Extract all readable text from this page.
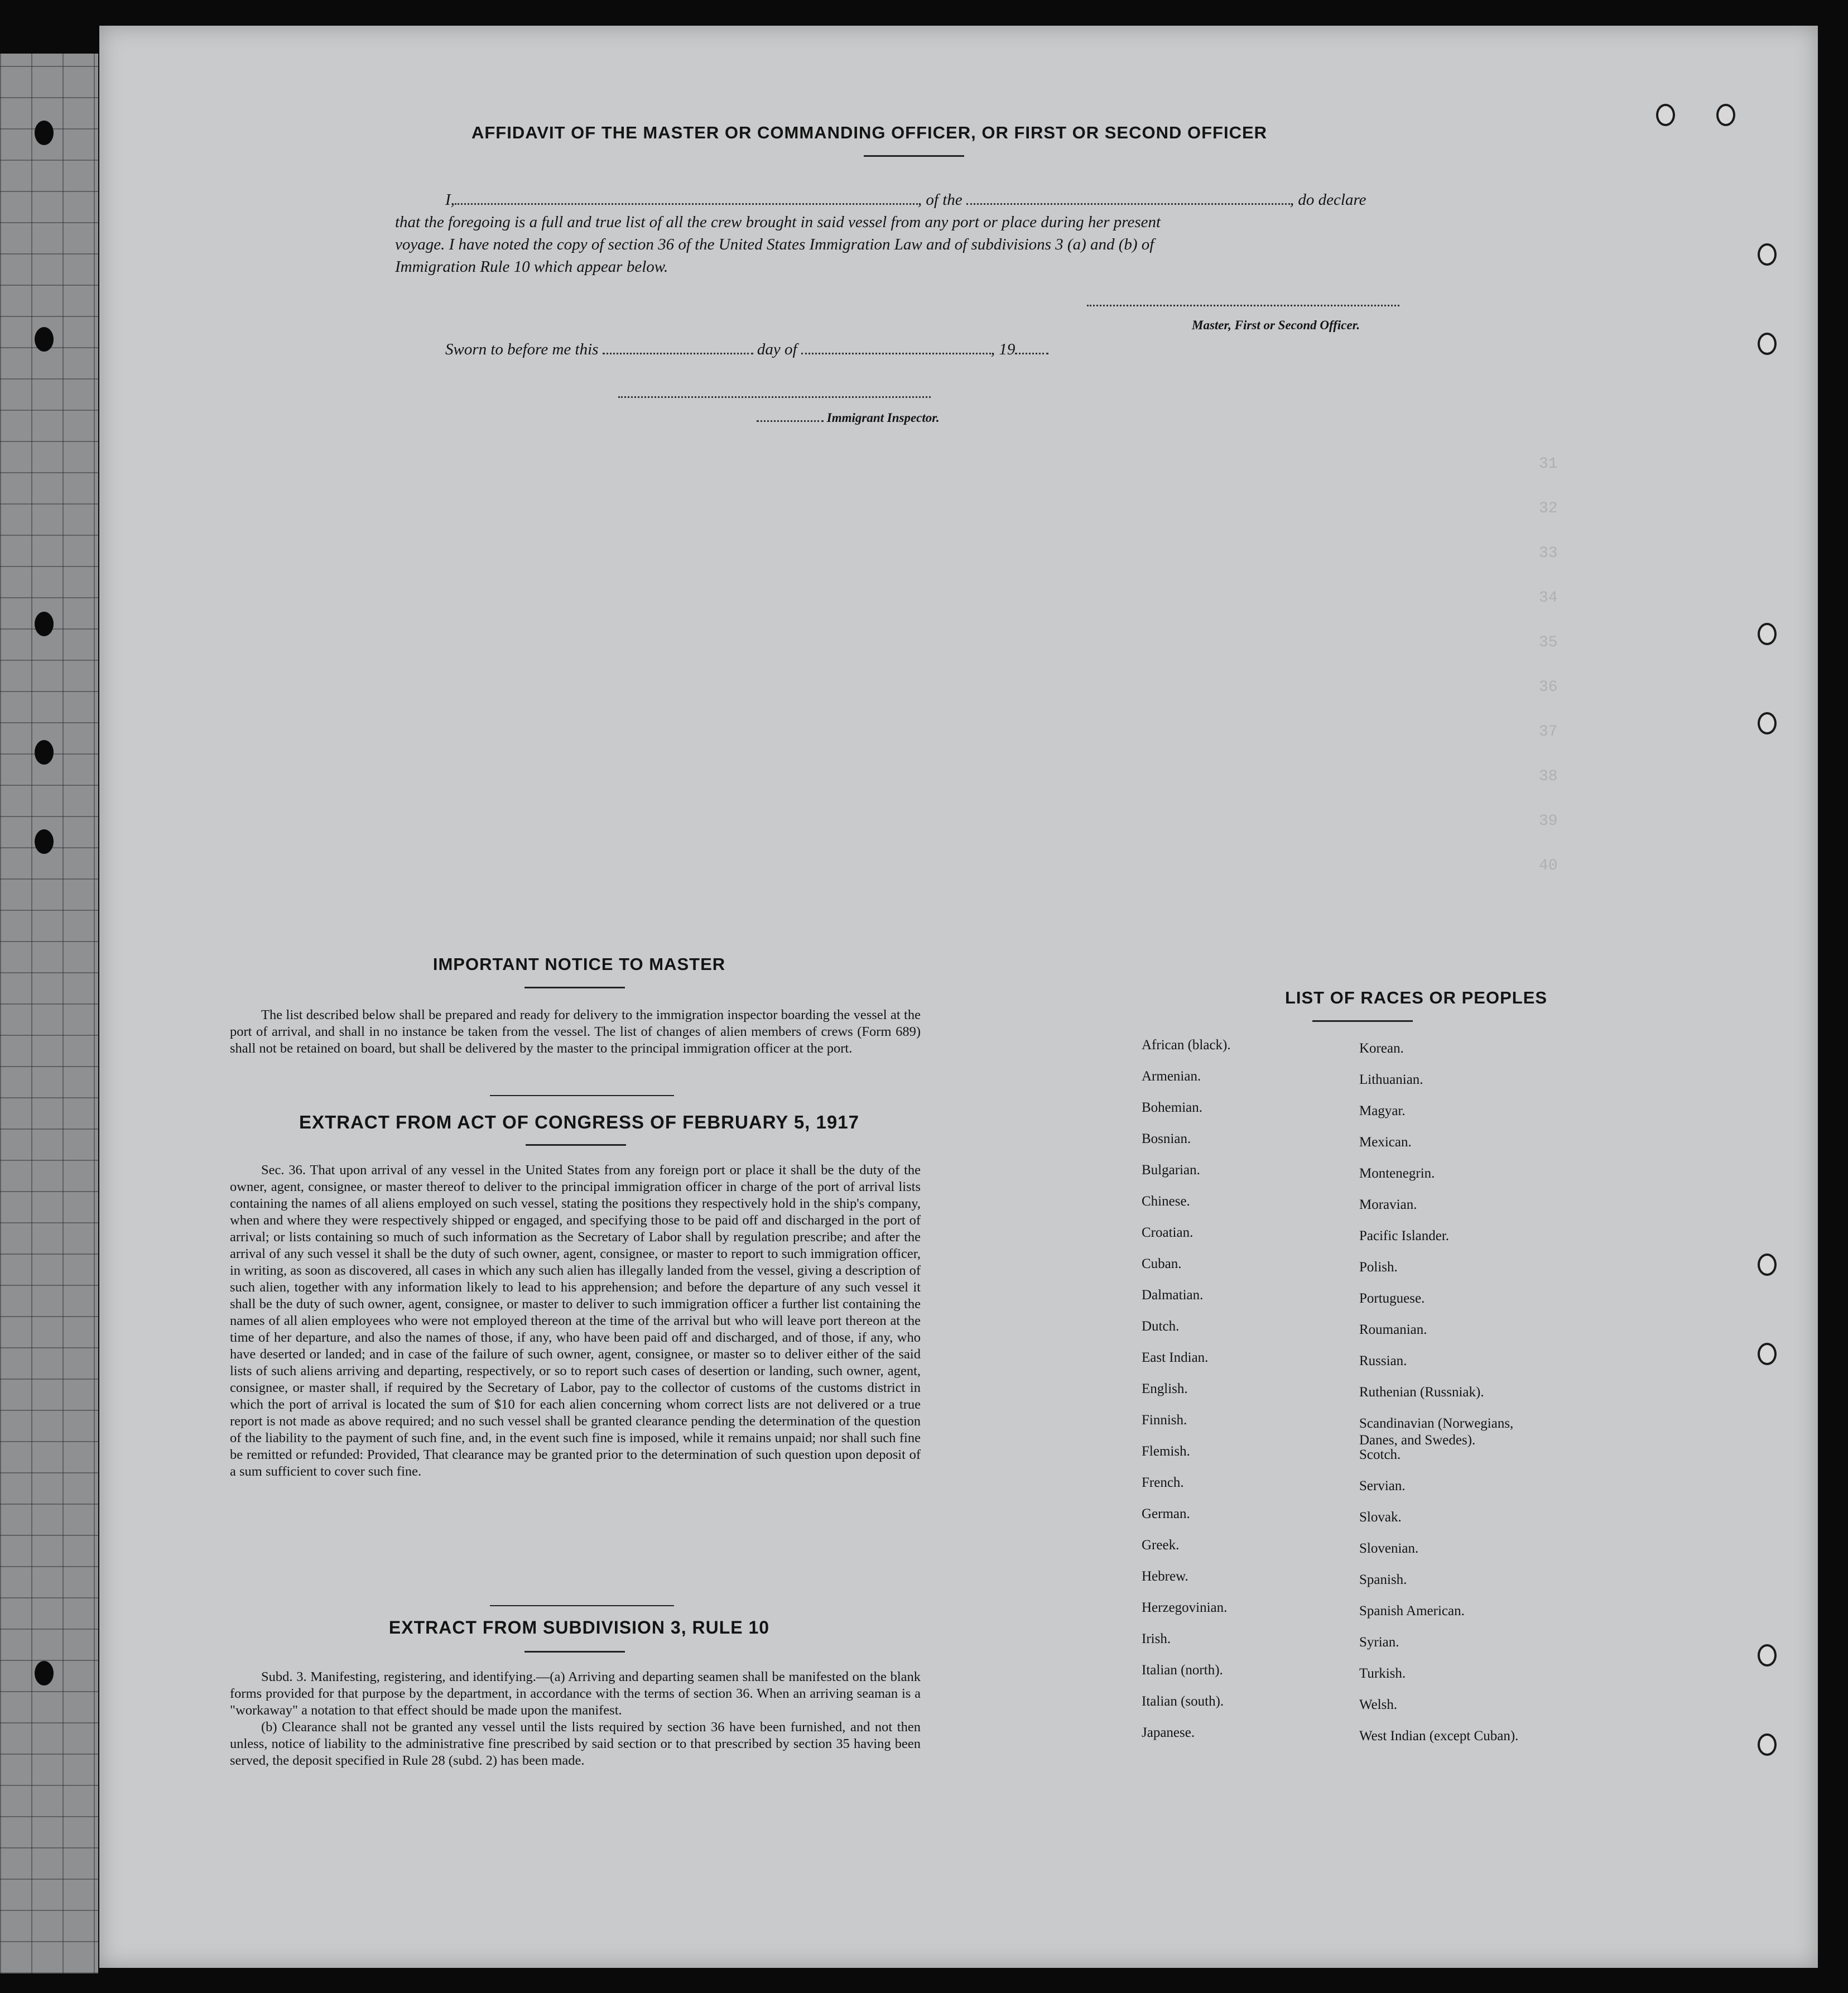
31
32
33
34
35
36
37
38
39
40
AFFIDAVIT OF THE MASTER OR COMMANDING OFFICER, OR FIRST OR SECOND OFFICER
I,	, of the	, do declare
that the foregoing is a full and true list of all the crew brought in said vessel from any port or place during her present
voyage. I have noted the copy of section 36 of the United States Immigration Law and of subdivisions 3 (a) and (b) of
Immigration Rule 10 which appear below.
Master, First or Second Officer.
Sworn to before me this	day of	, 19
Immigrant Inspector.
IMPORTANT NOTICE TO MASTER

The list described below shall be prepared and ready for delivery to the immigration inspector boarding the vessel at the port of arrival, and shall in no instance be taken from the vessel. The list of changes of alien members of crews (Form 689) shall not be retained on board, but shall be delivered by the master to the principal immigration officer at the port.

EXTRACT FROM ACT OF CONGRESS OF FEBRUARY 5, 1917

Sec. 36. That upon arrival of any vessel in the United States from any foreign port or place it shall be the duty of the owner, agent, consignee, or master thereof to deliver to the principal immigration officer in charge of the port of arrival lists containing the names of all aliens employed on such vessel, stating the positions they respectively hold in the ship's company, when and where they were respectively shipped or engaged, and specifying those to be paid off and discharged in the port of arrival; or lists containing so much of such information as the Secretary of Labor shall by regulation prescribe; and after the arrival of any such vessel it shall be the duty of such owner, agent, consignee, or master to report to such immigration officer, in writing, as soon as discovered, all cases in which any such alien has illegally landed from the vessel, giving a description of such alien, together with any information likely to lead to his apprehension; and before the departure of any such vessel it shall be the duty of such owner, agent, consignee, or master to deliver to such immigration officer a further list containing the names of all alien employees who were not employed thereon at the time of the arrival but who will leave port thereon at the time of her departure, and also the names of those, if any, who have been paid off and discharged, and of those, if any, who have deserted or landed; and in case of the failure of such owner, agent, consignee, or master so to deliver either of the said lists of such aliens arriving and departing, respectively, or so to report such cases of desertion or landing, such owner, agent, consignee, or master shall, if required by the Secretary of Labor, pay to the collector of customs of the customs district in which the port of arrival is located the sum of $10 for each alien concerning whom correct lists are not delivered or a true report is not made as above required; and no such vessel shall be granted clearance pending the determination of the question of the liability to the payment of such fine, and, in the event such fine is imposed, while it remains unpaid; nor shall such fine be remitted or refunded: Provided, That clearance may be granted prior to the determination of such question upon deposit of a sum sufficient to cover such fine.

EXTRACT FROM SUBDIVISION 3, RULE 10

Subd. 3. Manifesting, registering, and identifying.—(a) Arriving and departing seamen shall be manifested on the blank forms provided for that purpose by the department, in accordance with the terms of section 36. When an arriving seaman is a "workaway" a notation to that effect should be made upon the manifest.

(b) Clearance shall not be granted any vessel until the lists required by section 36 have been furnished, and not then unless, notice of liability to the administrative fine prescribed by said section or to that prescribed by section 35 having been served, the deposit specified in Rule 28 (subd. 2) has been made.

LIST OF RACES OR PEOPLES
African (black).
Armenian.
Bohemian.
Bosnian.
Bulgarian.
Chinese.
Croatian.
Cuban.
Dalmatian.
Dutch.
East Indian.
English.
Finnish.
Flemish.
French.
German.
Greek.
Hebrew.
Herzegovinian.
Irish.
Italian (north).
Italian (south).
Japanese.
Korean.
Lithuanian.
Magyar.
Mexican.
Montenegrin.
Moravian.
Pacific Islander.
Polish.
Portuguese.
Roumanian.
Russian.
Ruthenian (Russniak).
Scandinavian (Norwegians,
Danes, and Swedes).
Scotch.
Servian.
Slovak.
Slovenian.
Spanish.
Spanish American.
Syrian.
Turkish.
Welsh.
West Indian (except Cuban).
